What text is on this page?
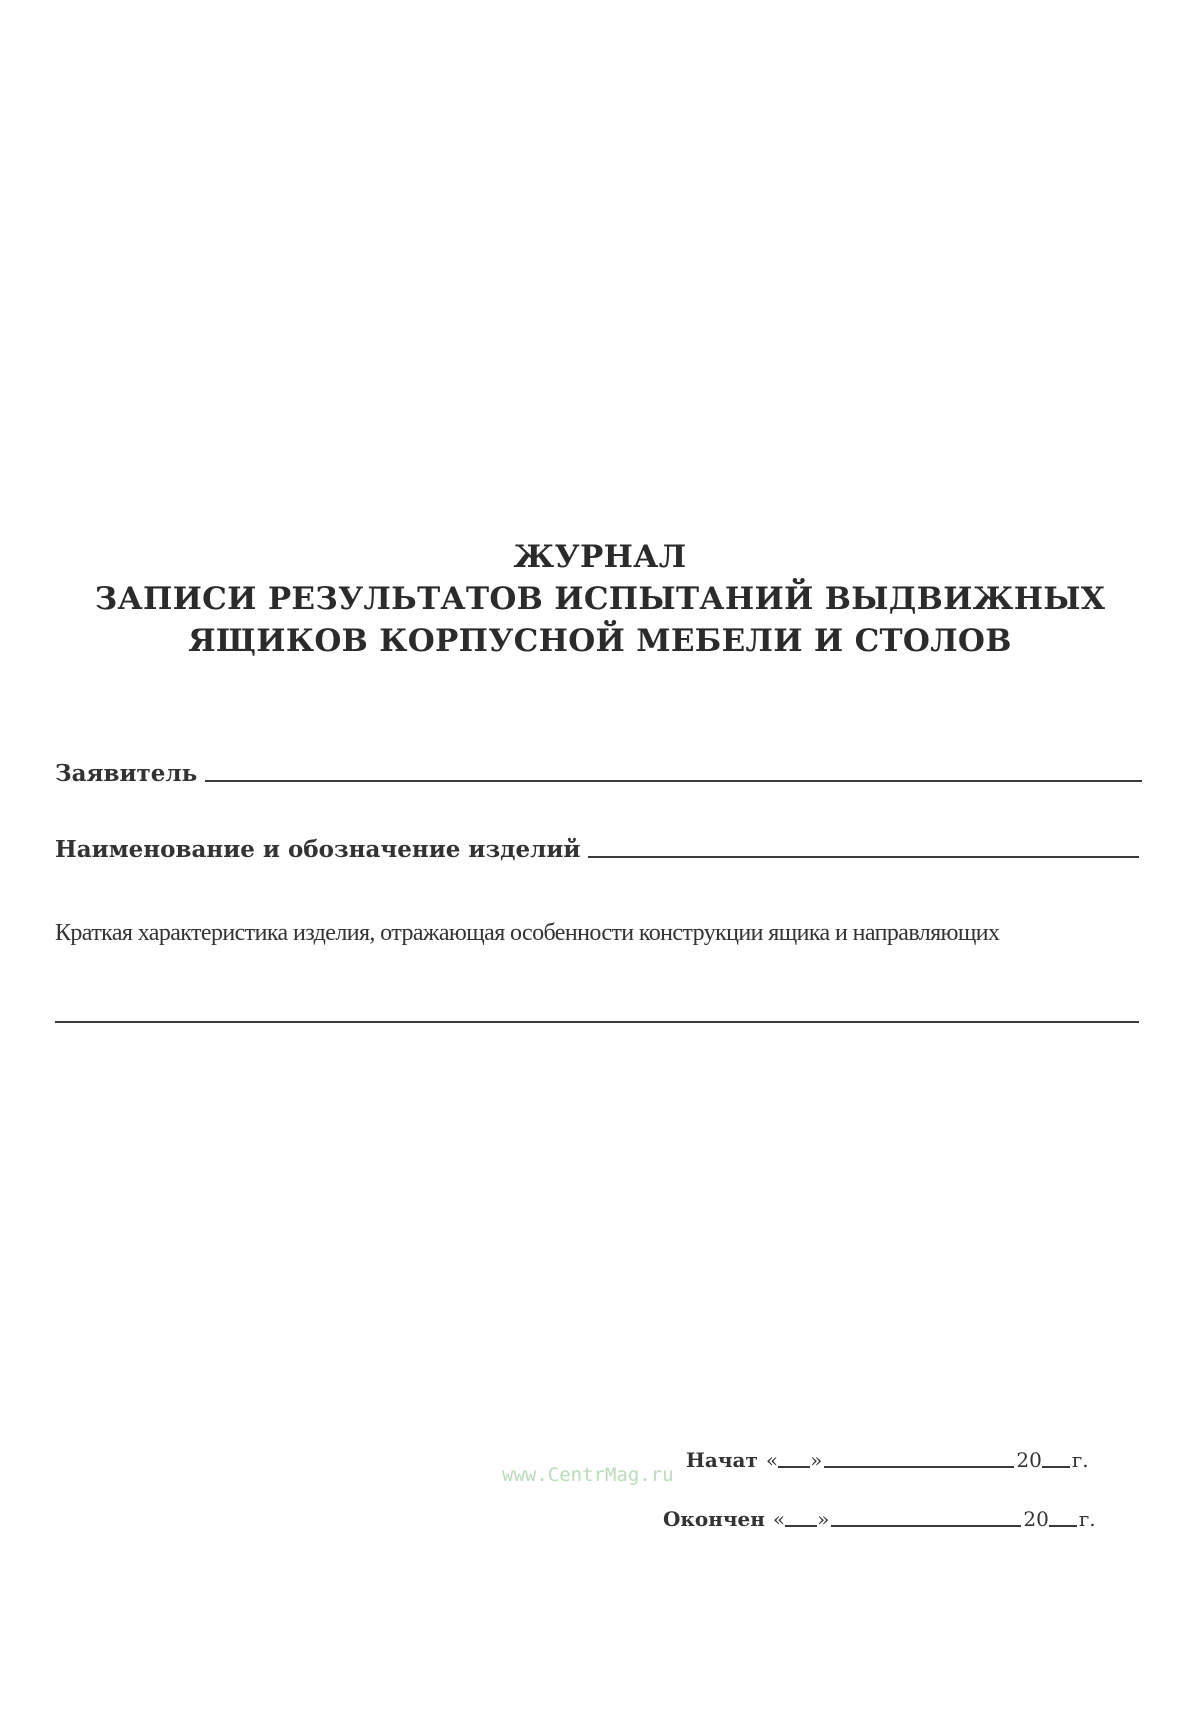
ЖУРНАЛ
ЗАПИСИ РЕЗУЛЬТАТОВ ИСПЫТАНИЙ ВЫДВИЖНЫХ
ЯЩИКОВ КОРПУСНОЙ МЕБЕЛИ И СТОЛОВ
Заявитель
Наименование и обозначение изделий
Краткая характеристика изделия, отражающая особенности конструкции ящика и направляющих
Начат « »	20 г.
Окончен « »	20 г.
www.CentrMag.ru
